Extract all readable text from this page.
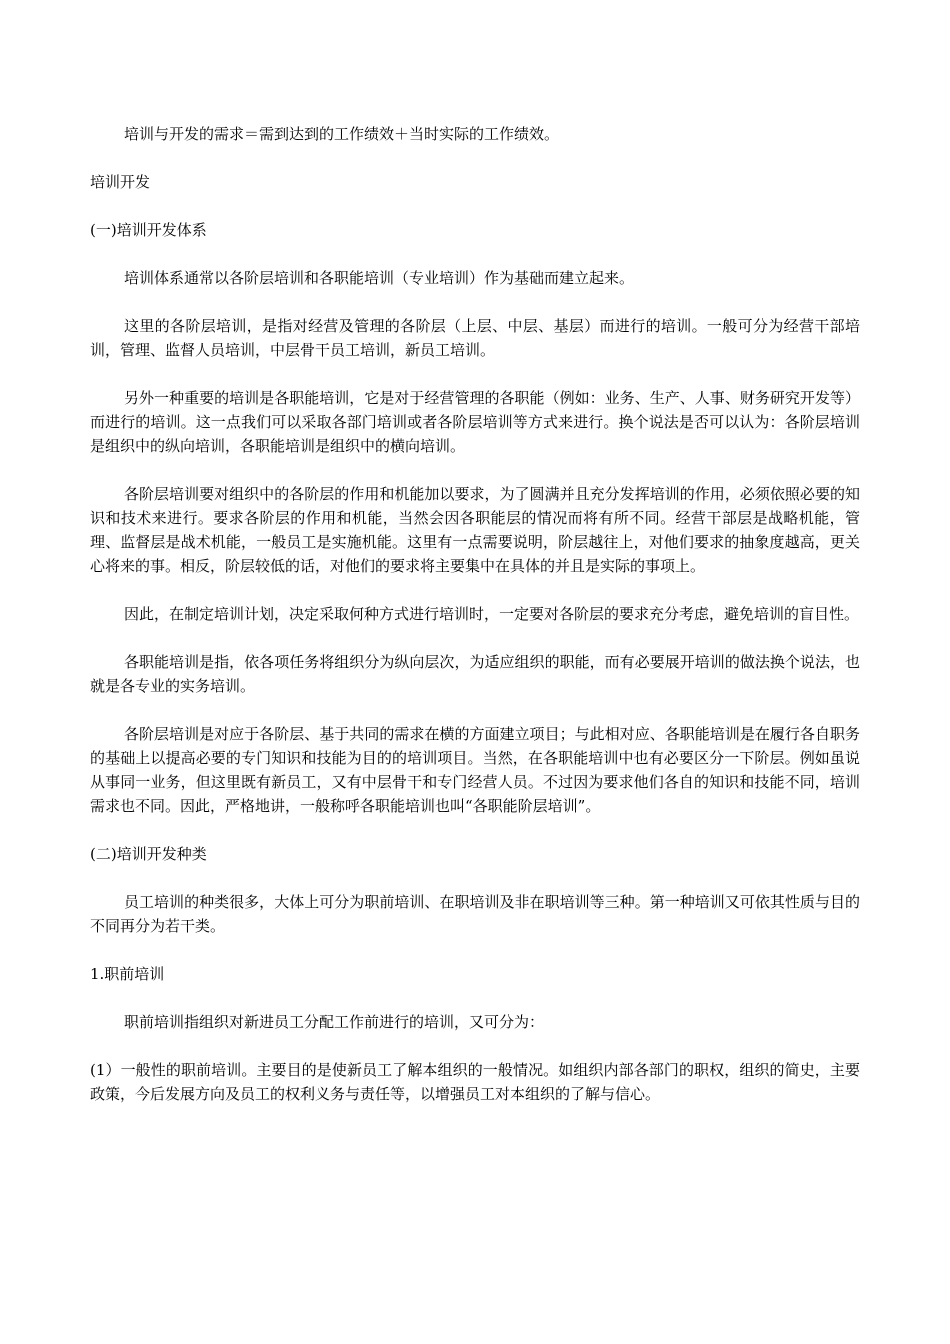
培训与开发的需求＝需到达到的工作绩效＋当时实际的工作绩效。

培训开发

(一)培训开发体系

培训体系通常以各阶层培训和各职能培训（专业培训）作为基础而建立起来。

这里的各阶层培训，是指对经营及管理的各阶层（上层、中层、基层）而进行的培训。一般可分为经营干部培训，管理、监督人员培训，中层骨干员工培训，新员工培训。

另外一种重要的培训是各职能培训，它是对于经营管理的各职能（例如：业务、生产、人事、财务研究开发等）而进行的培训。这一点我们可以采取各部门培训或者各阶层培训等方式来进行。换个说法是否可以认为：各阶层培训是组织中的纵向培训，各职能培训是组织中的横向培训。

各阶层培训要对组织中的各阶层的作用和机能加以要求，为了圆满并且充分发挥培训的作用，必须依照必要的知识和技术来进行。要求各阶层的作用和机能，当然会因各职能层的情况而将有所不同。经营干部层是战略机能，管理、监督层是战术机能，一般员工是实施机能。这里有一点需要说明，阶层越往上，对他们要求的抽象度越高，更关心将来的事。相反，阶层较低的话，对他们的要求将主要集中在具体的并且是实际的事项上。

因此，在制定培训计划，决定采取何种方式进行培训时，一定要对各阶层的要求充分考虑，避免培训的盲目性。

各职能培训是指，依各项任务将组织分为纵向层次，为适应组织的职能，而有必要展开培训的做法换个说法，也就是各专业的实务培训。

各阶层培训是对应于各阶层、基于共同的需求在横的方面建立项目；与此相对应、各职能培训是在履行各自职务的基础上以提高必要的专门知识和技能为目的的培训项目。当然，在各职能培训中也有必要区分一下阶层。例如虽说从事同一业务，但这里既有新员工，又有中层骨干和专门经营人员。不过因为要求他们各自的知识和技能不同，培训需求也不同。因此，严格地讲，一般称呼各职能培训也叫“各职能阶层培训”。

(二)培训开发种类

员工培训的种类很多，大体上可分为职前培训、在职培训及非在职培训等三种。第一种培训又可依其性质与目的不同再分为若干类。

1.职前培训

职前培训指组织对新进员工分配工作前进行的培训，又可分为：

(1）一般性的职前培训。主要目的是使新员工了解本组织的一般情况。如组织内部各部门的职权，组织的简史，主要政策，今后发展方向及员工的权利义务与责任等，以增强员工对本组织的了解与信心。
